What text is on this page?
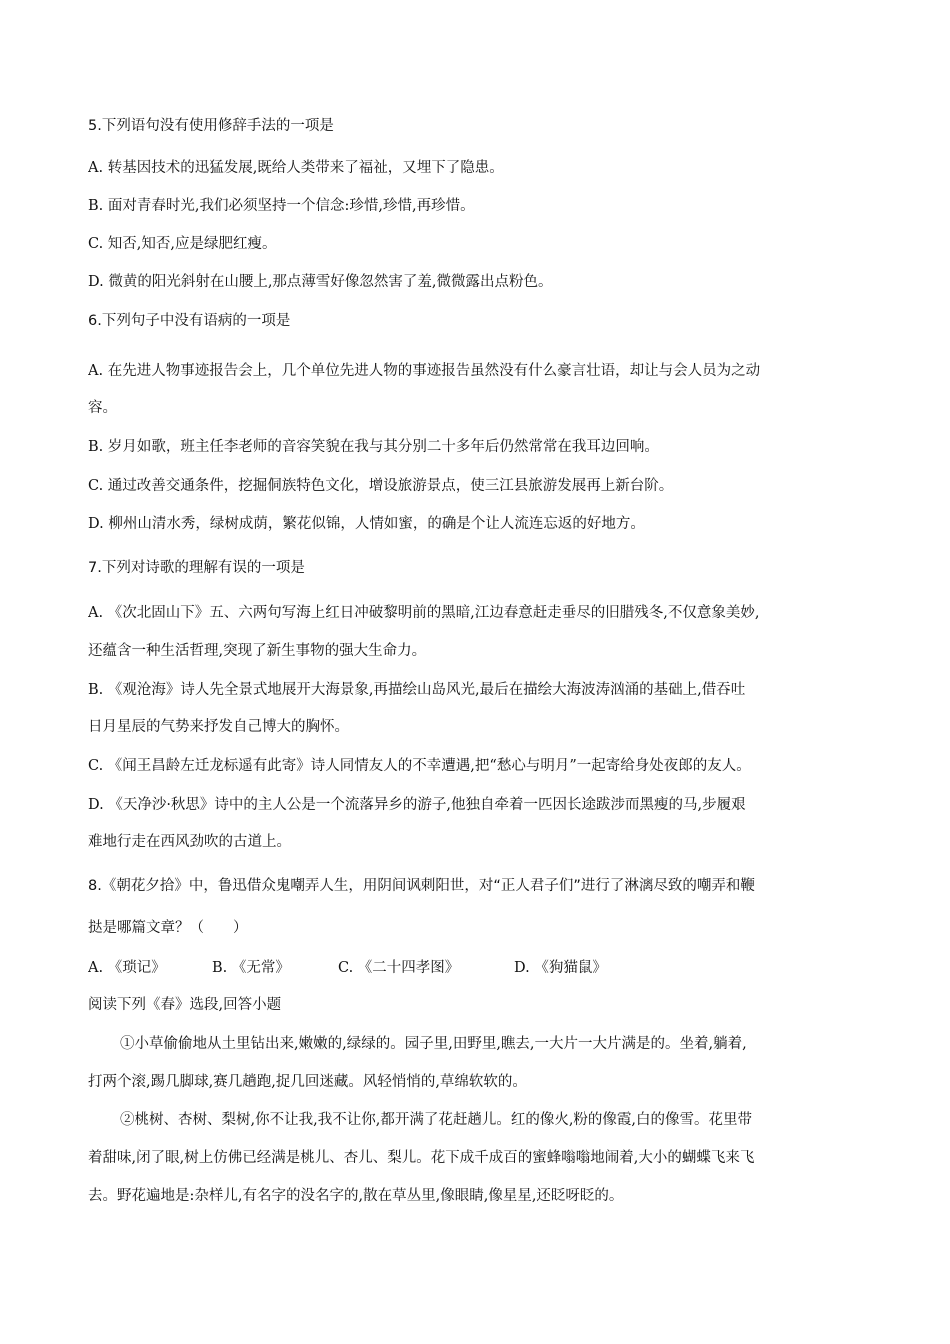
5.下列语句没有使用修辞手法的一项是
A. 转基因技术的迅猛发展,既给人类带来了福祉，又埋下了隐患。
B. 面对青春时光,我们必须坚持一个信念:珍惜,珍惜,再珍惜。
C. 知否,知否,应是绿肥红瘦。
D. 微黄的阳光斜射在山腰上,那点薄雪好像忽然害了羞,微微露出点粉色。
6.下列句子中没有语病的一项是
A. 在先进人物事迹报告会上，几个单位先进人物的事迹报告虽然没有什么豪言壮语，却让与会人员为之动
容。
B. 岁月如歌，班主任李老师的音容笑貌在我与其分别二十多年后仍然常常在我耳边回响。
C. 通过改善交通条件，挖掘侗族特色文化，增设旅游景点，使三江县旅游发展再上新台阶。
D. 柳州山清水秀，绿树成荫，繁花似锦，人情如蜜，的确是个让人流连忘返的好地方。
7.下列对诗歌的理解有误的一项是
A. 《次北固山下》五、六两句写海上红日冲破黎明前的黑暗,江边春意赶走垂尽的旧腊残冬,不仅意象美妙,
还蕴含一种生活哲理,突现了新生事物的强大生命力。
B. 《观沧海》诗人先全景式地展开大海景象,再描绘山岛风光,最后在描绘大海波涛汹涌的基础上,借吞吐
日月星辰的气势来抒发自己博大的胸怀。
C. 《闻王昌龄左迁龙标遥有此寄》诗人同情友人的不幸遭遇,把“愁心与明月”一起寄给身处夜郎的友人。
D. 《天净沙·秋思》诗中的主人公是一个流落异乡的游子,他独自牵着一匹因长途跋涉而黑瘦的马,步履艰
难地行走在西风劲吹的古道上。
8.《朝花夕拾》中，鲁迅借众鬼嘲弄人生，用阴间讽刺阳世，对“正人君子们”进行了淋漓尽致的嘲弄和鞭
挞是哪篇文章？（　　）
A. 《琐记》	B. 《无常》	C. 《二十四孝图》	D. 《狗猫鼠》
阅读下列《春》选段,回答小题
①小草偷偷地从土里钻出来,嫩嫩的,绿绿的。园子里,田野里,瞧去,一大片一大片满是的。坐着,躺着,
打两个滚,踢几脚球,赛几趟跑,捉几回迷藏。风轻悄悄的,草绵软软的。
②桃树、杏树、梨树,你不让我,我不让你,都开满了花赶趟儿。红的像火,粉的像霞,白的像雪。花里带
着甜味,闭了眼,树上仿佛已经满是桃儿、杏儿、梨儿。花下成千成百的蜜蜂嗡嗡地闹着,大小的蝴蝶飞来飞
去。野花遍地是:杂样儿,有名字的没名字的,散在草丛里,像眼睛,像星星,还眨呀眨的。
